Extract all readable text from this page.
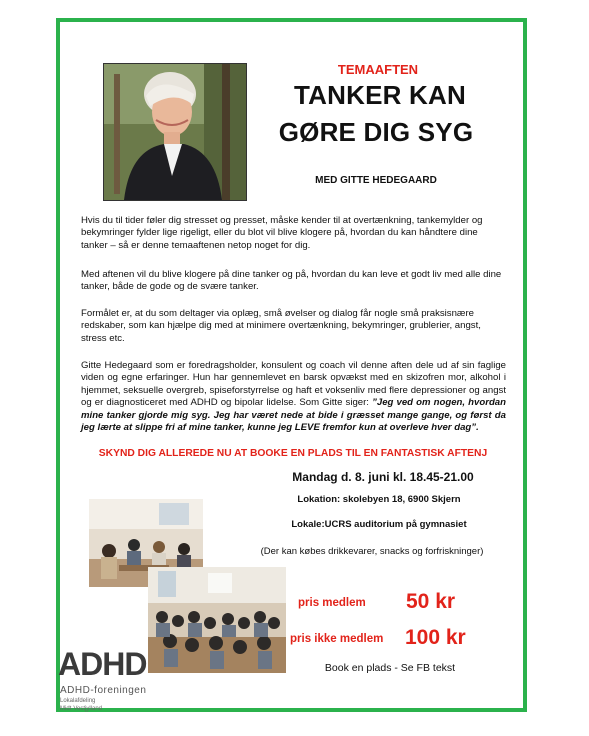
TEMAAFTEN
TANKER KAN
GØRE DIG SYG
MED GITTE HEDEGAARD

Hvis du til tider føler dig stresset og presset, måske kender til at overtænkning, tankemylder og bekymringer fylder lige rigeligt, eller du blot vil blive klogere på, hvordan du kan håndtere dine tanker – så er denne temaaftenen netop noget for dig.

Med aftenen vil du blive klogere på dine tanker og på, hvordan du kan leve et godt liv med alle dine tanker, både de gode og de svære tanker.

Formålet er, at du som deltager via oplæg, små øvelser og dialog får nogle små praksisnære redskaber, som kan hjælpe dig med at minimere overtænkning, bekymringer, grublerier, angst, stress etc.

Gitte Hedegaard som er foredragsholder, konsulent og coach vil denne aften dele ud af sin faglige viden og egne erfaringer. Hun har gennemlevet en barsk opvækst med en skizofren mor, alkohol i hjemmet, seksuelle overgreb, spiseforstyrrelse og haft et voksenliv med flere depressioner og angst og er diagnosticeret med ADHD og bipolar lidelse. Som Gitte siger: ”Jeg ved om nogen, hvordan mine tanker gjorde mig syg. Jeg har været nede at bide i græsset mange gange, og først da jeg lærte at slippe fri af mine tanker, kunne jeg LEVE fremfor kun at overleve hver dag”.

SKYND DIG ALLEREDE NU AT BOOKE EN PLADS TIL EN FANTASTISK AFTENJ
Mandag d. 8. juni kl. 18.45-21.00
Lokation: skolebyen 18, 6900 Skjern
Lokale:UCRS auditorium på gymnasiet
(Der kan købes drikkevarer, snacks og forfriskninger)
pris medlem 50 kr
pris ikke medlem 100 kr
Book en plads - Se FB tekst
ADHD
ADHD-foreningen
Lokalafdeling
Midt-Vestjylland
